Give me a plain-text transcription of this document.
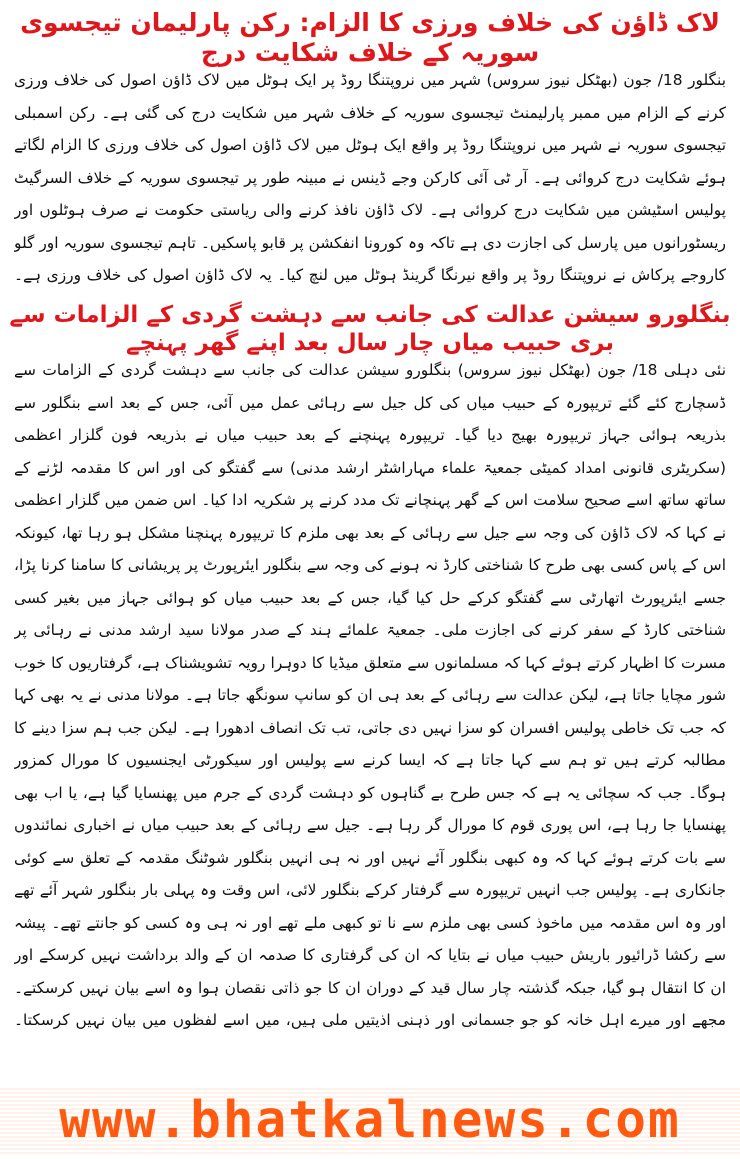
لاک ڈاؤن کی خلاف ورزی کا الزام: رکن پارلیمان تیجسوی سوریہ کے خلاف شکایت درج

بنگلور 18/ جون (بھٹکل نیوز سروس) شہر میں نروپتنگا روڈ پر ایک ہوٹل میں لاک ڈاؤن اصول کی خلاف ورزی کرنے کے الزام میں ممبر پارلیمنٹ تیجسوی سوریہ کے خلاف شہر میں شکایت درج کی گئی ہے۔ رکن اسمبلی تیجسوی سوریہ نے شہر میں نروپتنگا روڈ پر واقع ایک ہوٹل میں لاک ڈاؤن اصول کی خلاف ورزی کا الزام لگاتے ہوئے شکایت درج کروائی ہے۔ آر ٹی آئی کارکن وجے ڈینس نے مبینہ طور پر تیجسوی سوریہ کے خلاف السرگیٹ پولیس اسٹیشن میں شکایت درج کروائی ہے۔ لاک ڈاؤن نافذ کرنے والی ریاستی حکومت نے صرف ہوٹلوں اور ریسٹورانوں میں پارسل کی اجازت دی ہے تاکہ وہ کورونا انفکشن پر قابو پاسکیں۔ تاہم تیجسوی سوریہ اور گلو کاروجے پرکاش نے نروپتنگا روڈ پر واقع نیرنگا گرینڈ ہوٹل میں لنچ کیا۔ یہ لاک ڈاؤن اصول کی خلاف ورزی ہے۔

بنگلورو سیشن عدالت کی جانب سے دہشت گردی کے الزامات سے بری حبیب میاں چار سال بعد اپنے گھر پہنچے

نئی دہلی 18/ جون (بھٹکل نیوز سروس) بنگلورو سیشن عدالت کی جانب سے دہشت گردی کے الزامات سے ڈسچارج کئے گئے تریپورہ کے حبیب میاں کی کل جیل سے رہائی عمل میں آئی، جس کے بعد اسے بنگلور سے بذریعہ ہوائی جہاز تریپورہ بھیج دیا گیا۔ تریپورہ پہنچنے کے بعد حبیب میاں نے بذریعہ فون گلزار اعظمی (سکریٹری قانونی امداد کمیٹی جمعیۃ علماء مہاراشٹر ارشد مدنی) سے گفتگو کی اور اس کا مقدمہ لڑنے کے ساتھ ساتھ اسے صحیح سلامت اس کے گھر پہنچانے تک مدد کرنے پر شکریہ ادا کیا۔ اس ضمن میں گلزار اعظمی نے کہا کہ لاک ڈاؤن کی وجہ سے جیل سے رہائی کے بعد بھی ملزم کا تریپورہ پہنچنا مشکل ہو رہا تھا، کیونکہ اس کے پاس کسی بھی طرح کا شناختی کارڈ نہ ہونے کی وجہ سے بنگلور ایئرپورٹ پر پریشانی کا سامنا کرنا پڑا، جسے ایئرپورٹ اتھارٹی سے گفتگو کرکے حل کیا گیا، جس کے بعد حبیب میاں کو ہوائی جہاز میں بغیر کسی شناختی کارڈ کے سفر کرنے کی اجازت ملی۔ جمعیۃ علمائے ہند کے صدر مولانا سید ارشد مدنی نے رہائی پر مسرت کا اظہار کرتے ہوئے کہا کہ مسلمانوں سے متعلق میڈیا کا دوہرا رویہ تشویشناک ہے، گرفتاریوں کا خوب شور مچایا جاتا ہے، لیکن عدالت سے رہائی کے بعد ہی ان کو سانپ سونگھ جاتا ہے۔ مولانا مدنی نے یہ بھی کہا کہ جب تک خاطی پولیس افسران کو سزا نہیں دی جاتی، تب تک انصاف ادھورا ہے۔ لیکن جب ہم سزا دینے کا مطالبہ کرتے ہیں تو ہم سے کہا جاتا ہے کہ ایسا کرنے سے پولیس اور سیکورٹی ایجنسیوں کا مورال کمزور ہوگا۔ جب کہ سچائی یہ ہے کہ جس طرح بے گناہوں کو دہشت گردی کے جرم میں پھنسایا گیا ہے، یا اب بھی پھنسایا جا رہا ہے، اس پوری قوم کا مورال گر رہا ہے۔ جیل سے رہائی کے بعد حبیب میاں نے اخباری نمائندوں سے بات کرتے ہوئے کہا کہ وہ کبھی بنگلور آئے نہیں اور نہ ہی انہیں بنگلور شوٹنگ مقدمہ کے تعلق سے کوئی جانکاری ہے۔ پولیس جب انہیں تریپورہ سے گرفتار کرکے بنگلور لائی، اس وقت وہ پہلی بار بنگلور شہر آئے تھے اور وہ اس مقدمہ میں ماخوذ کسی بھی ملزم سے نا تو کبھی ملے تھے اور نہ ہی وہ کسی کو جانتے تھے۔ پیشہ سے رکشا ڈرائیور باریش حبیب میاں نے بتایا کہ ان کی گرفتاری کا صدمہ ان کے والد برداشت نہیں کرسکے اور ان کا انتقال ہو گیا، جبکہ گذشتہ چار سال قید کے دوران ان کا جو ذاتی نقصان ہوا وہ اسے بیان نہیں کرسکتے۔ مجھے اور میرے اہل خانہ کو جو جسمانی اور ذہنی اذیتیں ملی ہیں، میں اسے لفظوں میں بیان نہیں کرسکتا۔

www.bhatkalnews.com
